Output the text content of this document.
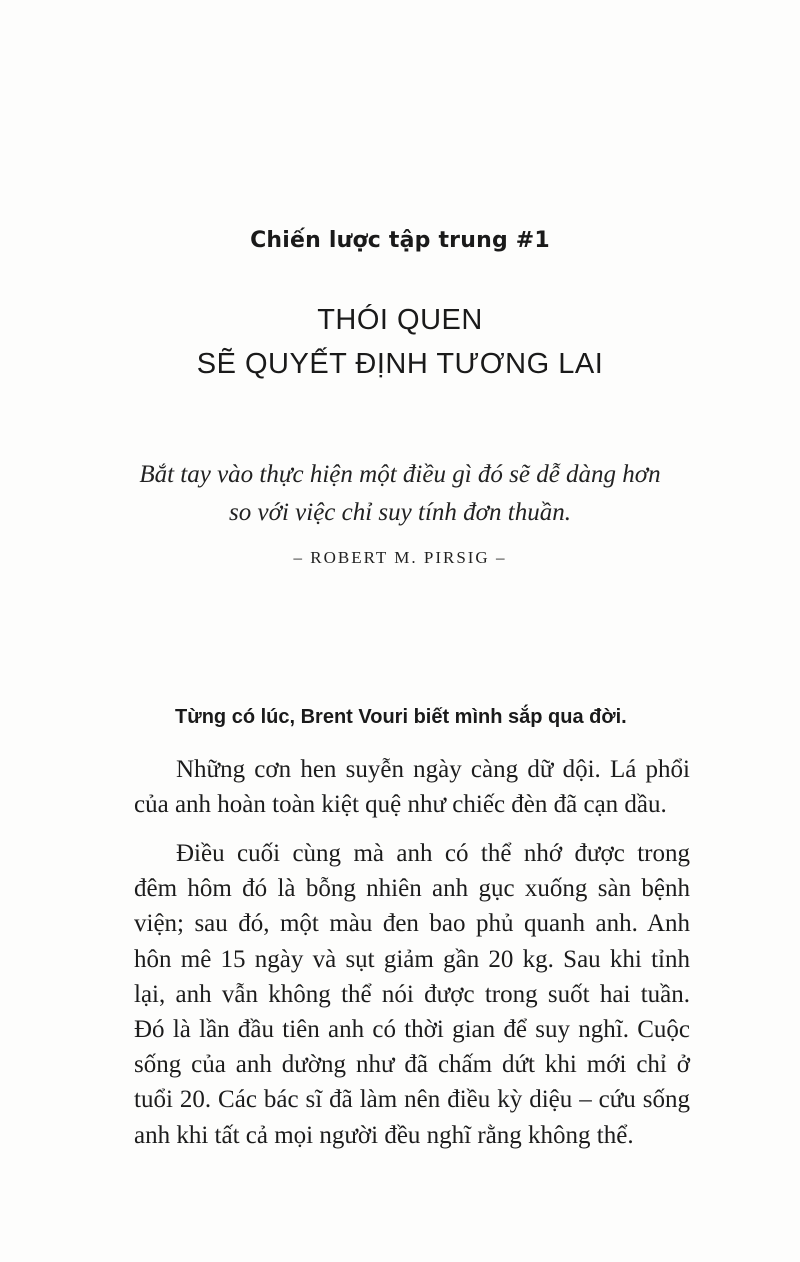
Chiến lược tập trung #1
THÓI QUEN
SẼ QUYẾT ĐỊNH TƯƠNG LAI
Bắt tay vào thực hiện một điều gì đó sẽ dễ dàng hơn
so với việc chỉ suy tính đơn thuần.
– ROBERT M. PIRSIG –
Từng có lúc, Brent Vouri biết mình sắp qua đời.
Những cơn hen suyễn ngày càng dữ dội. Lá phổi
của anh hoàn toàn kiệt quệ như chiếc đèn đã cạn dầu.
Điều cuối cùng mà anh có thể nhớ được trong
đêm hôm đó là bỗng nhiên anh gục xuống sàn bệnh
viện; sau đó, một màu đen bao phủ quanh anh. Anh
hôn mê 15 ngày và sụt giảm gần 20 kg. Sau khi tỉnh
lại, anh vẫn không thể nói được trong suốt hai tuần.
Đó là lần đầu tiên anh có thời gian để suy nghĩ. Cuộc
sống của anh dường như đã chấm dứt khi mới chỉ ở
tuổi 20. Các bác sĩ đã làm nên điều kỳ diệu – cứu sống
anh khi tất cả mọi người đều nghĩ rằng không thể.
